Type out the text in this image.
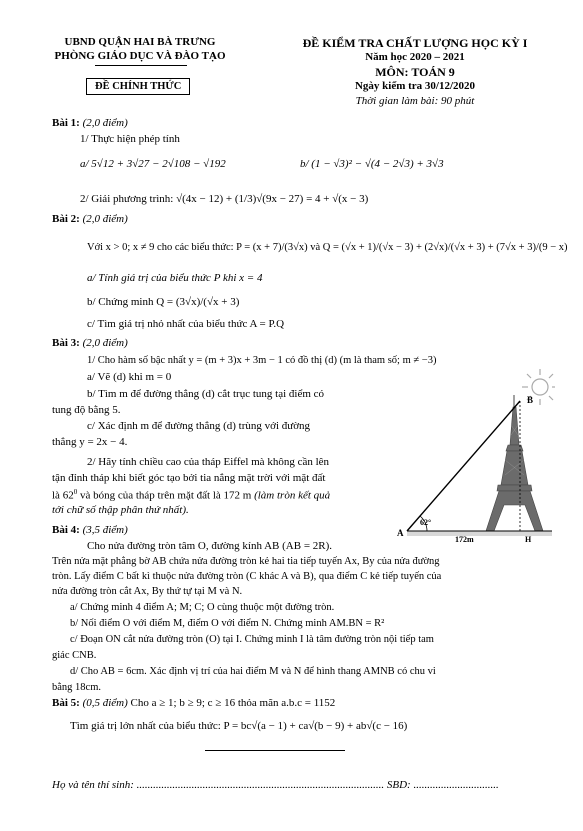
UBND QUẬN HAI BÀ TRƯNG
PHÒNG GIÁO DỤC VÀ ĐÀO TẠO
ĐỀ CHÍNH THỨC
ĐỀ KIỂM TRA CHẤT LƯỢNG HỌC KỲ I
Năm học 2020 – 2021
MÔN: TOÁN 9
Ngày kiểm tra 30/12/2020
Thời gian làm bài: 90 phút
Bài 1: (2,0 điểm)
1/ Thực hiện phép tính
a/ 5√12 + 3√27 − 2√108 − √192	b/ (1 − √3)² − √(4 − 2√3) + 3√3
2/ Giải phương trình: √(4x − 12) + (1/3)√(9x − 27) = 4 + √(x − 3)
Bài 2: (2,0 điểm)
Với x > 0; x ≠ 9 cho các biểu thức: P = (x + 7)/(3√x) và Q = (√x + 1)/(√x − 3) + (2√x)/(√x + 3) + (7√x + 3)/(9 − x)
a/ Tính giá trị của biểu thức P khi x = 4
b/ Chứng minh Q = (3√x)/(√x + 3)
c/ Tìm giá trị nhỏ nhất của biểu thức A = P.Q
Bài 3: (2,0 điểm)
1/ Cho hàm số bậc nhất y = (m + 3)x + 3m − 1 có đồ thị (d) (m là tham số; m ≠ −3)
a/ Vẽ (d) khi m = 0
b/ Tìm m để đường thẳng (d) cắt trục tung tại điểm có
tung độ bằng 5.
c/ Xác định m để đường thẳng (d) trùng với đường
thẳng y = 2x − 4.
2/ Hãy tính chiều cao của tháp Eiffel mà không cần lên
tận đỉnh tháp khi biết góc tạo bởi tia nắng mặt trời với mặt đất
là $62^0$ và bóng của tháp trên mặt đất là 172 m (làm tròn kết quả
tới chữ số thập phân thứ nhất).
B
A
H
62°
172m
Bài 4: (3,5 điểm)
Cho nửa đường tròn tâm O, đường kính AB (AB = 2R).
Trên nửa mặt phẳng bờ AB chứa nửa đường tròn kẻ hai tia tiếp tuyến Ax, By của nửa đường
tròn. Lấy điểm C bất kì thuộc nửa đường tròn (C khác A và B), qua điểm C kẻ tiếp tuyến của
nửa đường tròn cắt Ax, By thứ tự tại M và N.
a/ Chứng minh 4 điểm A; M; C; O cùng thuộc một đường tròn.
b/ Nối điểm O với điểm M, điểm O với điểm N. Chứng minh AM.BN = R²
c/ Đoạn ON cắt nửa đường tròn (O) tại I. Chứng minh I là tâm đường tròn nội tiếp tam
giác CNB.
d/ Cho AB = 6cm. Xác định vị trí của hai điểm M và N để hình thang AMNB có chu vi
bằng 18cm.
Bài 5: (0,5 điểm) Cho a ≥ 1; b ≥ 9; c ≥ 16 thỏa mãn a.b.c = 1152
Tìm giá trị lớn nhất của biểu thức: P = bc√(a − 1) + ca√(b − 9) + ab√(c − 16)
Họ và tên thí sinh: .......................................................................................... SBD: ...............................
